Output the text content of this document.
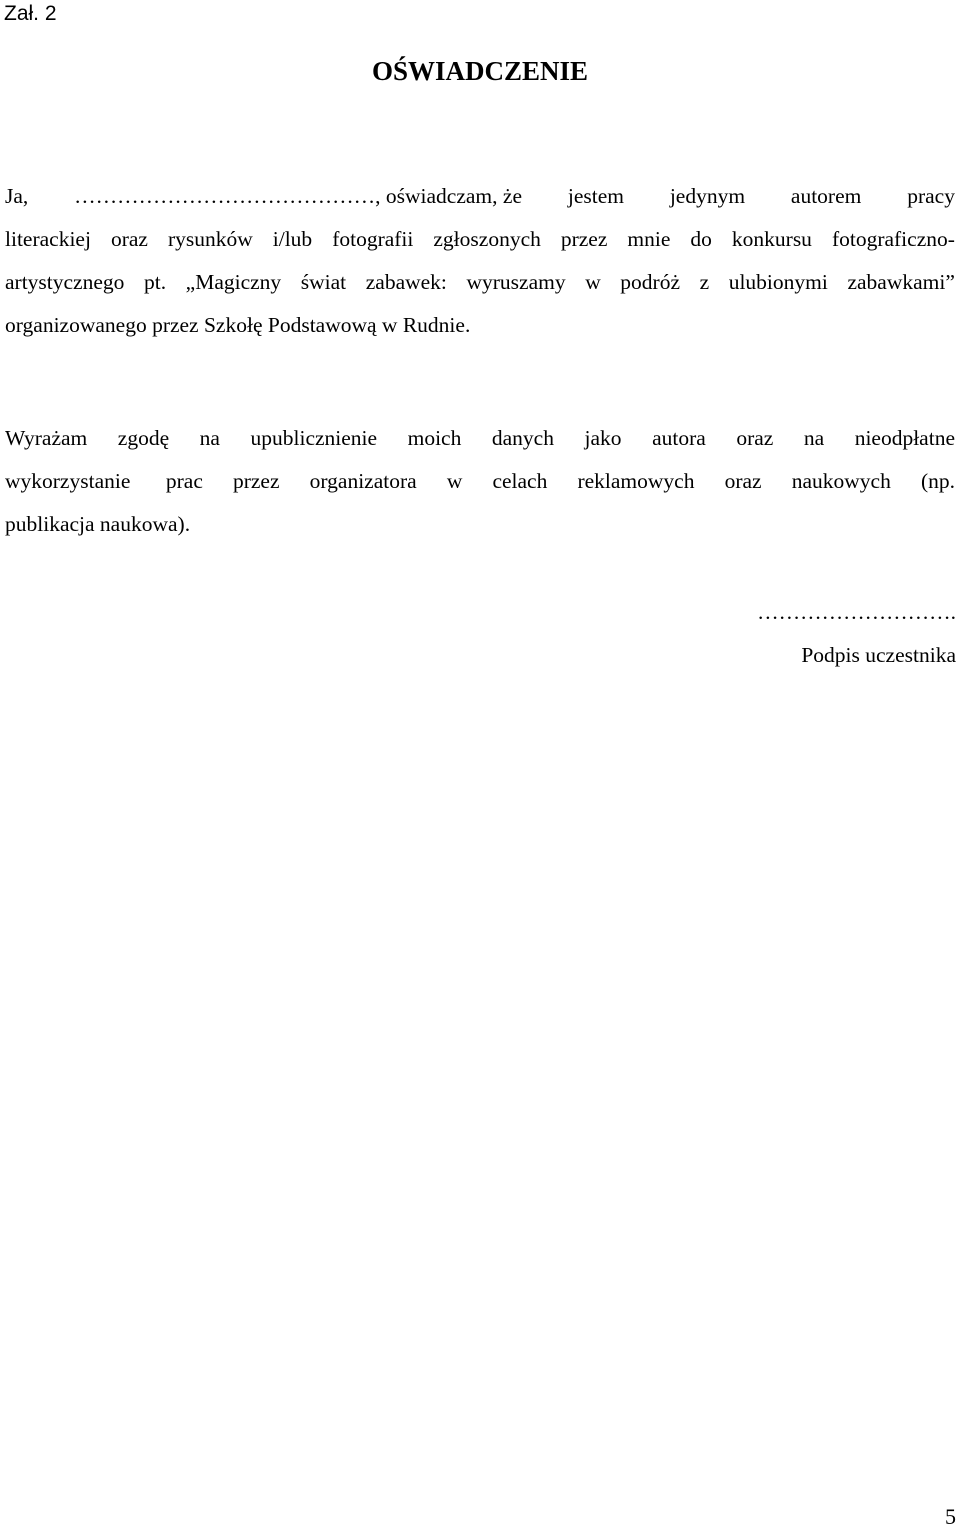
Zał. 2
OŚWIADCZENIE
Ja, ……………………………………, oświadczam, że jestem jedynym autorem pracy
literackiej oraz rysunków i/lub fotografii zgłoszonych przez mnie do konkursu fotograficzno-
artystycznego pt. „Magiczny świat zabawek: wyruszamy w podróż z ulubionymi zabawkami”
organizowanego przez Szkołę Podstawową w Rudnie.
Wyrażam zgodę na upublicznienie moich danych jako autora oraz na nieodpłatne
wykorzystanie prac przez organizatora w celach reklamowych oraz naukowych (np.
publikacja naukowa).
……………………….
Podpis uczestnika
5
